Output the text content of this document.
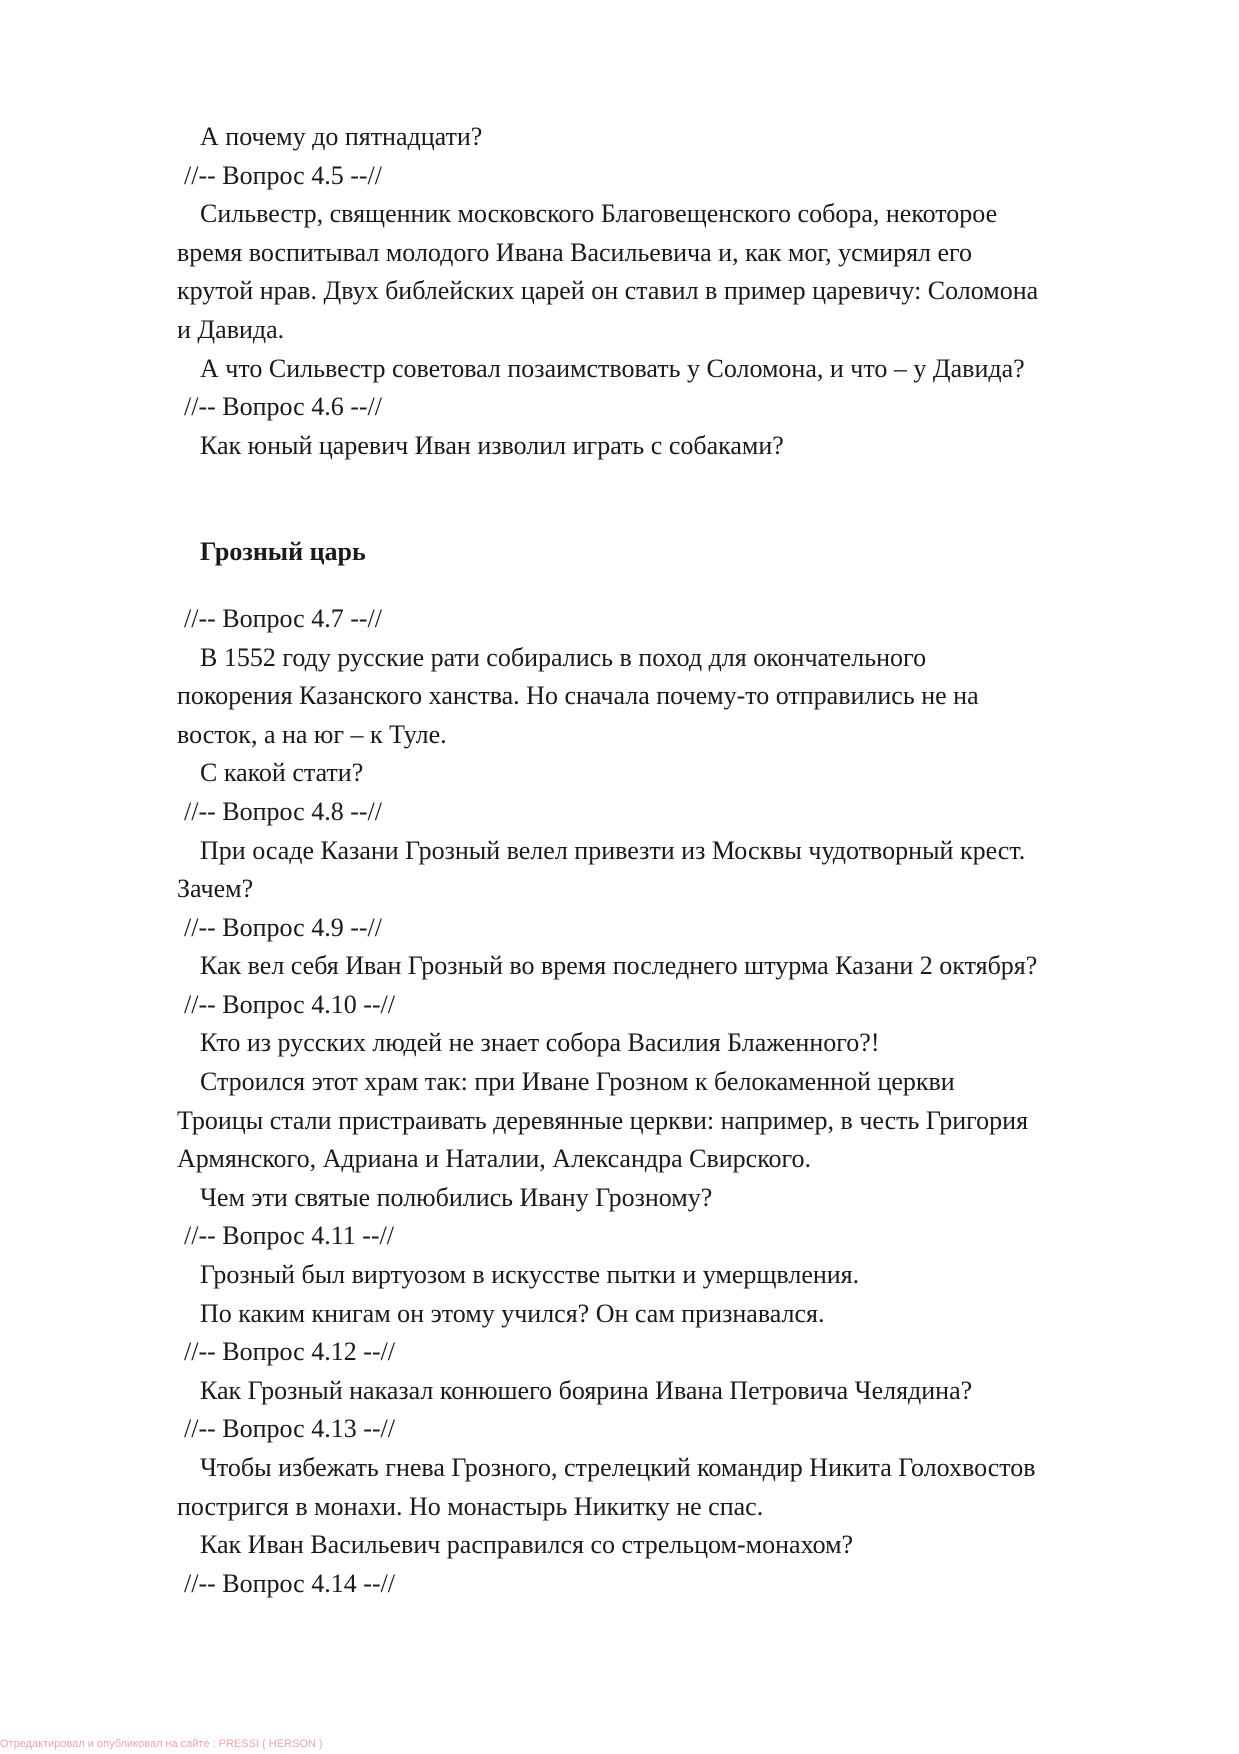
А почему до пятнадцати?
//-- Вопрос 4.5 --//
Сильвестр, священник московского Благовещенского собора, некоторое
время воспитывал молодого Ивана Васильевича и, как мог, усмирял его
крутой нрав. Двух библейских царей он ставил в пример царевичу: Соломона
и Давида.
А что Сильвестр советовал позаимствовать у Соломона, и что – у Давида?
//-- Вопрос 4.6 --//
Как юный царевич Иван изволил играть с собаками?
Грозный царь
//-- Вопрос 4.7 --//
В 1552 году русские рати собирались в поход для окончательного
покорения Казанского ханства. Но сначала почему-то отправились не на
восток, а на юг – к Туле.
С какой стати?
//-- Вопрос 4.8 --//
При осаде Казани Грозный велел привезти из Москвы чудотворный крест.
Зачем?
//-- Вопрос 4.9 --//
Как вел себя Иван Грозный во время последнего штурма Казани 2 октября?
//-- Вопрос 4.10 --//
Кто из русских людей не знает собора Василия Блаженного?!
Строился этот храм так: при Иване Грозном к белокаменной церкви
Троицы стали пристраивать деревянные церкви: например, в честь Григория
Армянского, Адриана и Наталии, Александра Свирского.
Чем эти святые полюбились Ивану Грозному?
//-- Вопрос 4.11 --//
Грозный был виртуозом в искусстве пытки и умерщвления.
По каким книгам он этому учился? Он сам признавался.
//-- Вопрос 4.12 --//
Как Грозный наказал конюшего боярина Ивана Петровича Челядина?
//-- Вопрос 4.13 --//
Чтобы избежать гнева Грозного, стрелецкий командир Никита Голохвостов
постригся в монахи. Но монастырь Никитку не спас.
Как Иван Васильевич расправился со стрельцом-монахом?
//-- Вопрос 4.14 --//
Отредактировал и опубликовал на сайте : PRESSI ( HERSON )
